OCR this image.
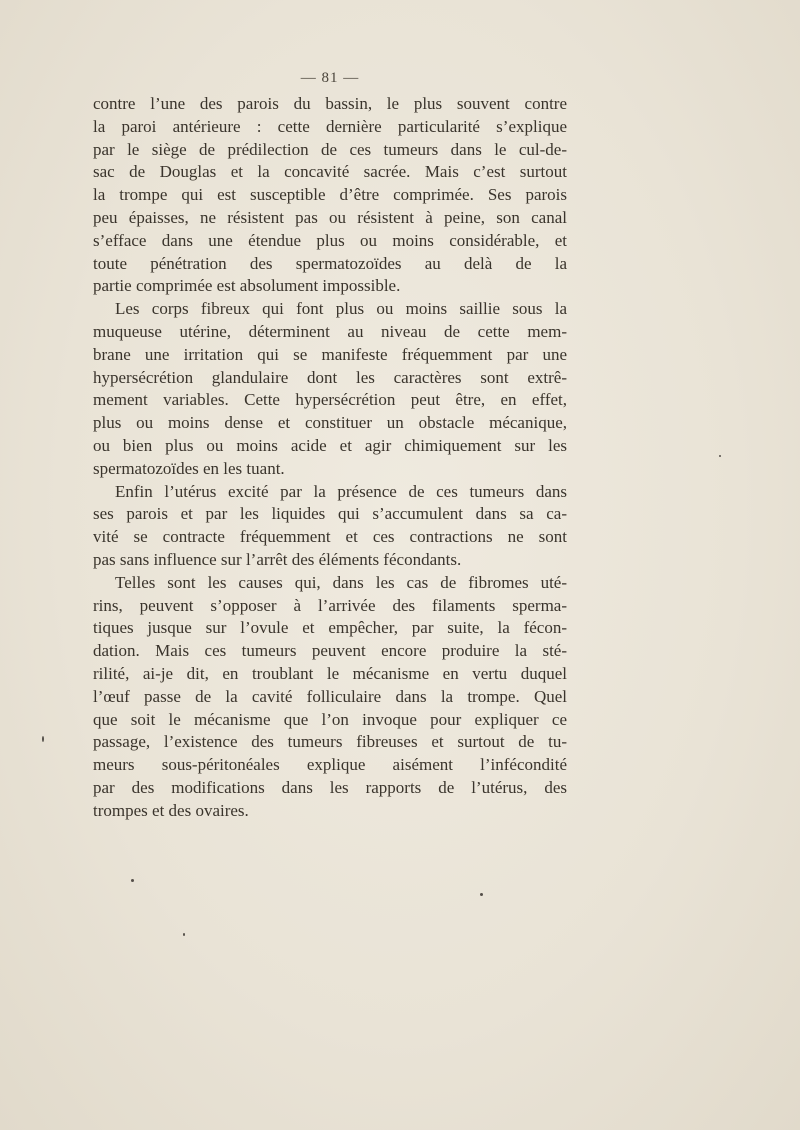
— 81 —

contre l’une des parois du bassin, le plus souvent contre
la paroi antérieure : cette dernière particularité s’explique
par le siège de prédilection de ces tumeurs dans le cul-de-
sac de Douglas et la concavité sacrée. Mais c’est surtout
la trompe qui est susceptible d’être comprimée. Ses parois
peu épaisses, ne résistent pas ou résistent à peine, son canal
s’efface dans une étendue plus ou moins considérable, et
toute pénétration des spermatozoïdes au delà de la
partie comprimée est absolument impossible.

Les corps fibreux qui font plus ou moins saillie sous la
muqueuse utérine, déterminent au niveau de cette mem-
brane une irritation qui se manifeste fréquemment par une
hypersécrétion glandulaire dont les caractères sont extrê-
mement variables. Cette hypersécrétion peut être, en effet,
plus ou moins dense et constituer un obstacle mécanique,
ou bien plus ou moins acide et agir chimiquement sur les
spermatozoïdes en les tuant.

Enfin l’utérus excité par la présence de ces tumeurs dans
ses parois et par les liquides qui s’accumulent dans sa ca-
vité se contracte fréquemment et ces contractions ne sont
pas sans influence sur l’arrêt des éléments fécondants.

Telles sont les causes qui, dans les cas de fibromes uté-
rins, peuvent s’opposer à l’arrivée des filaments sperma-
tiques jusque sur l’ovule et empêcher, par suite, la fécon-
dation. Mais ces tumeurs peuvent encore produire la sté-
rilité, ai-je dit, en troublant le mécanisme en vertu duquel
l’œuf passe de la cavité folliculaire dans la trompe. Quel
que soit le mécanisme que l’on invoque pour expliquer ce
passage, l’existence des tumeurs fibreuses et surtout de tu-
meurs sous-péritonéales explique aisément l’infécondité
par des modifications dans les rapports de l’utérus, des
trompes et des ovaires.
